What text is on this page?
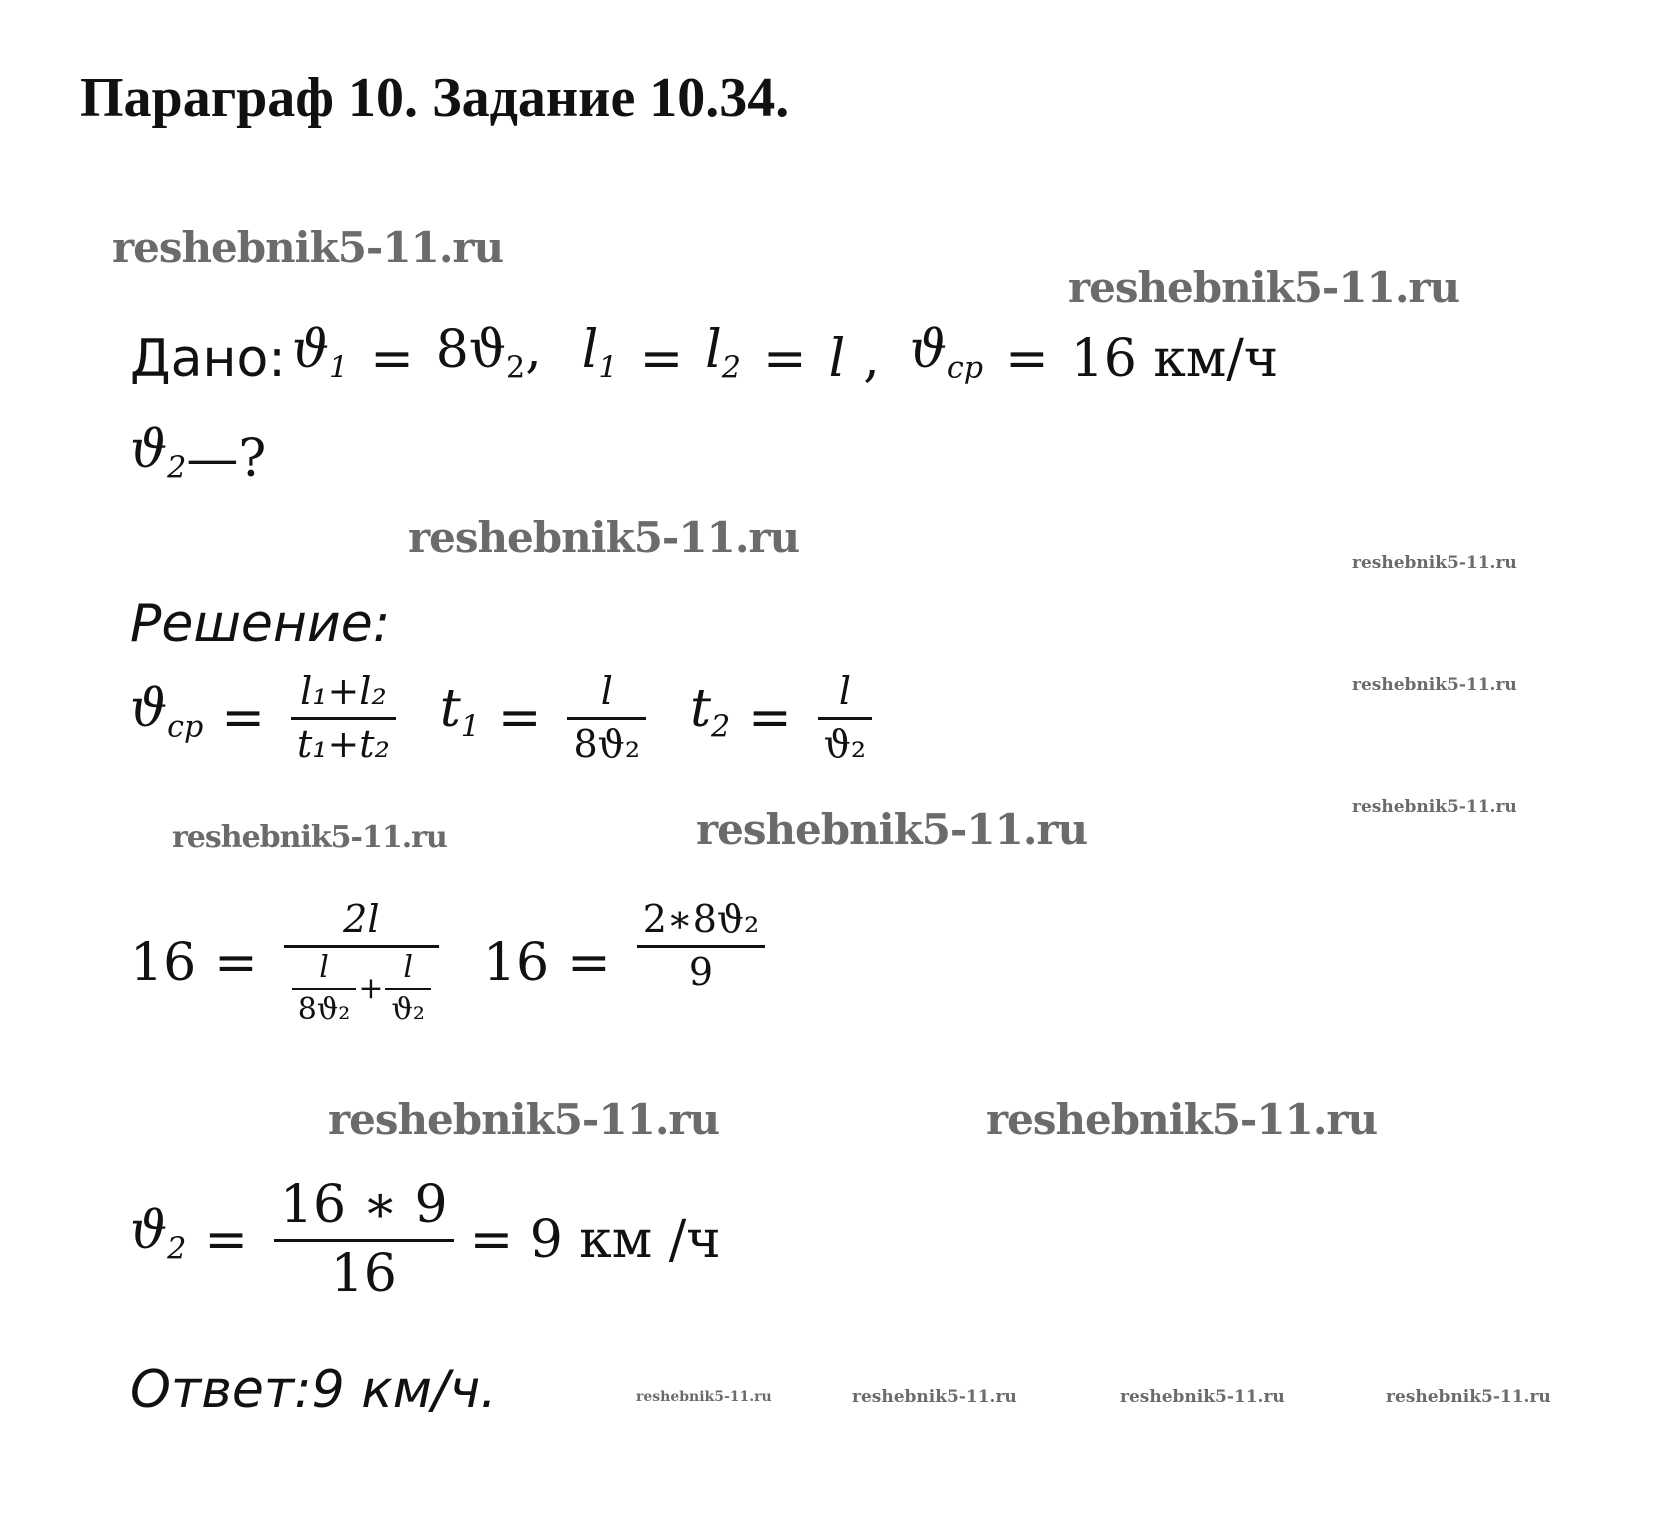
Параграф 10. Задание 10.34.
reshebnik5-11.ru
reshebnik5-11.ru
reshebnik5-11.ru
reshebnik5-11.ru
reshebnik5-11.ru
reshebnik5-11.ru
reshebnik5-11.ru	reshebnik5-11.ru
reshebnik5-11.ru	reshebnik5-11.ru
reshebnik5-11.ru	reshebnik5-11.ru	reshebnik5-11.ru	reshebnik5-11.ru
Дано: $ϑ_1 = 8ϑ_2$, $l_1 = l_2 = l$ , $ϑ_{cp} = 16$ км/ч
$ϑ_2$ —?
Решение:
$ϑ_{cp} = \frac{\text{l₁+l₂}}{\text{t₁+t₂}} t_1 = \frac{l}{\text{8ϑ₂}} t_2 = \frac{l}{\text{ϑ₂}}$
16 =
2l
$\frac{l}{\text{8ϑ₂}} + \frac{l}{\text{ϑ₂}} 16 = \frac{\text{2∗8ϑ₂}}{9}$
$ϑ_2 = \frac{16 ∗ 9}{16} = 9$ км /ч
Ответ:9 км/ч.
